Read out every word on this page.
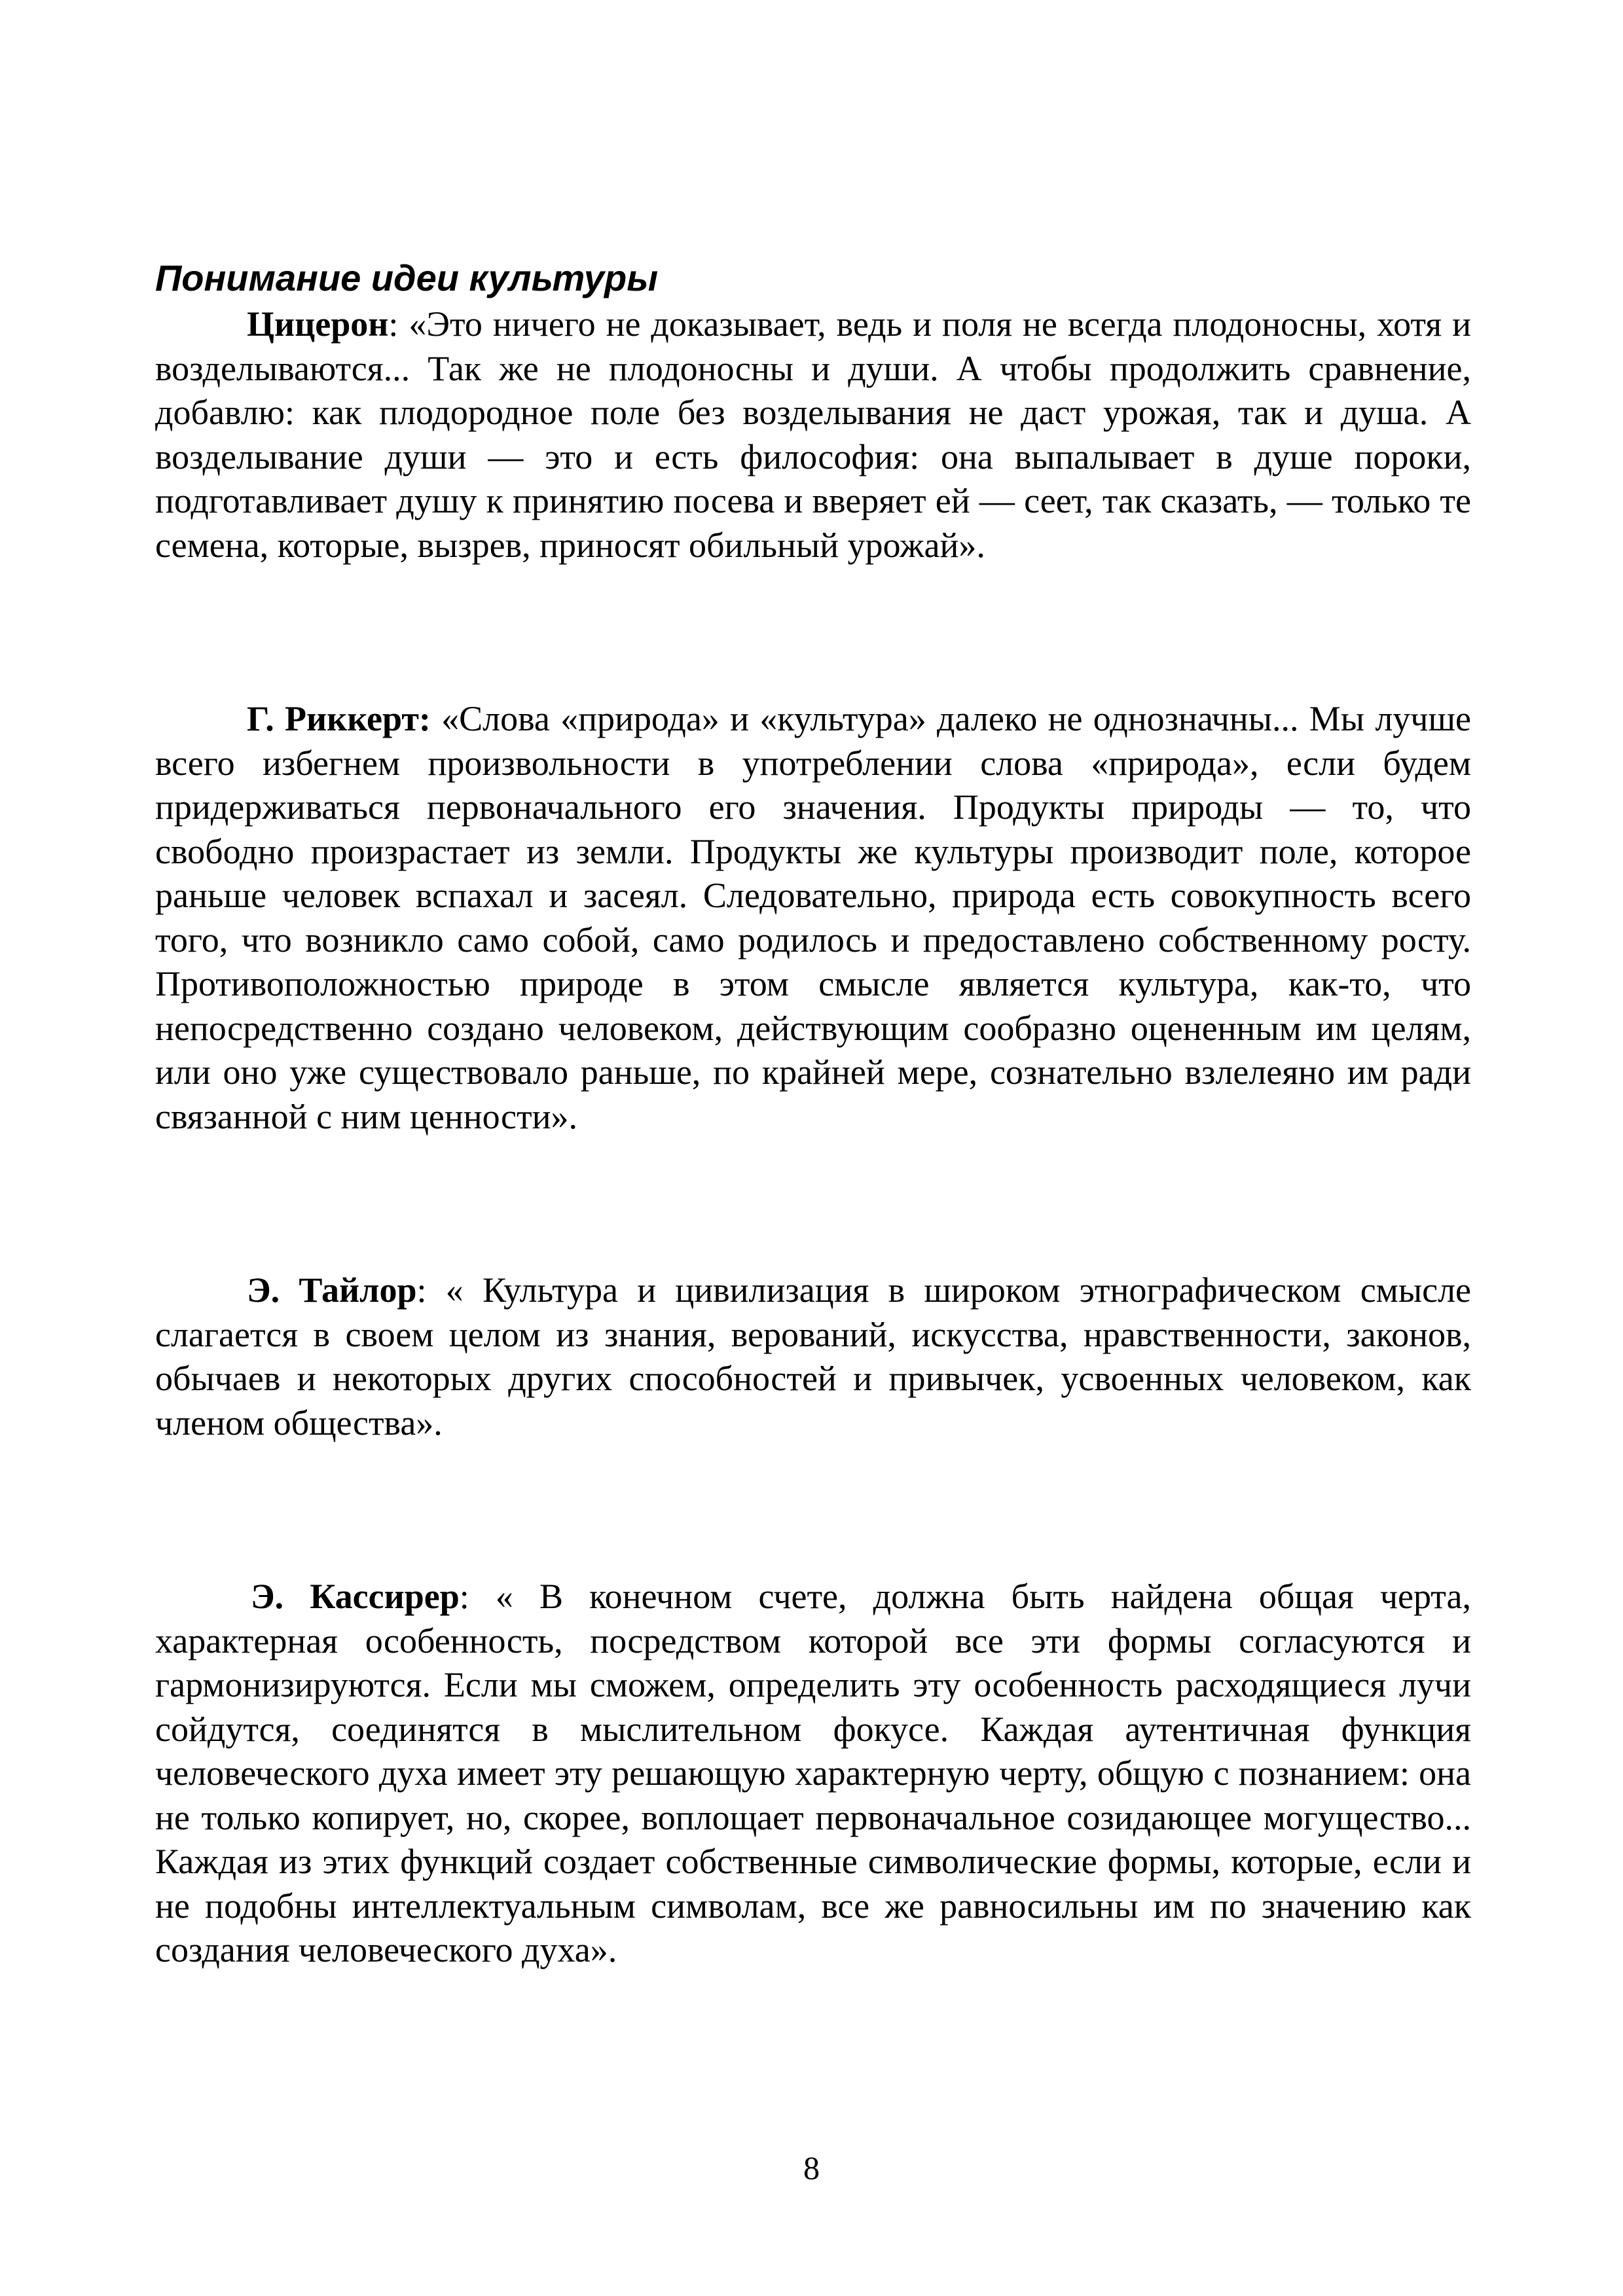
Понимание идеи культуры

Цицерон: «Это ничего не доказывает, ведь и поля не всегда плодоносны, хотя и возделываются... Так же не плодоносны и души. А чтобы продолжить сравнение, добавлю: как плодородное поле без возделывания не даст урожая, так и душа. А возделывание души — это и есть философия: она выпалывает в душе пороки, подготавливает душу к принятию посева и вверяет ей — сеет, так сказать, — только те семена, которые, вызрев, приносят обильный урожай».

Г. Риккерт: «Слова «природа» и «культура» далеко не однозначны... Мы лучше всего избегнем произвольности в употреблении слова «природа», если будем придерживаться первоначального его значения. Продукты природы — то, что свободно произрастает из земли. Продукты же культуры производит поле, которое раньше человек вспахал и засеял. Следовательно, природа есть совокупность всего того, что возникло само собой, само родилось и предоставлено собственному росту. Противоположностью природе в этом смысле является культура, как-то, что непосредственно создано человеком, действующим сообразно оцененным им целям, или оно уже существовало раньше, по крайней мере, сознательно взлелеяно им ради связанной с ним ценности».

Э. Тайлор: « Культура и цивилизация в широком этнографическом смысле слагается в своем целом из знания, верований, искусства, нравственности, законов, обычаев и некоторых других способностей и привычек, усвоенных человеком, как членом общества».

Э. Кассирер: « В конечном счете, должна быть найдена общая черта, характерная особенность, посредством которой все эти формы согласуются и гармонизируются. Если мы сможем, определить эту особенность расходящиеся лучи сойдутся, соединятся в мыслительном фокусе. Каждая аутентичная функция человеческого духа имеет эту решающую характерную черту, общую с познанием: она не только копирует, но, скорее, воплощает первоначальное созидающее могущество... Каждая из этих функций создает собственные символические формы, которые, если и не подобны интеллектуальным символам, все же равносильны им по значению как создания человеческого духа».

8
